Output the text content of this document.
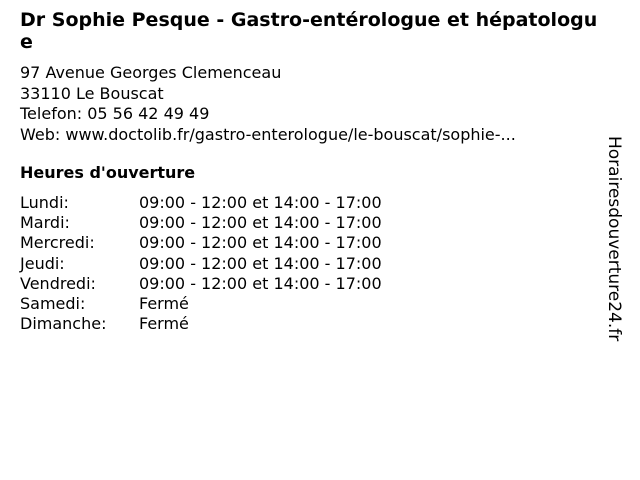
Dr Sophie Pesque - Gastro-entérologue et hépatologue
97 Avenue Georges Clemenceau
33110 Le Bouscat
Telefon: 05 56 42 49 49
Web: www.doctolib.fr/gastro-enterologue/le-bouscat/sophie-...
Heures d'ouverture
Lundi:	09:00 - 12:00 et 14:00 - 17:00
Mardi:	09:00 - 12:00 et 14:00 - 17:00
Mercredi:	09:00 - 12:00 et 14:00 - 17:00
Jeudi:	09:00 - 12:00 et 14:00 - 17:00
Vendredi:	09:00 - 12:00 et 14:00 - 17:00
Samedi:	Fermé
Dimanche:	Fermé	Horairesdouverture24.fr
